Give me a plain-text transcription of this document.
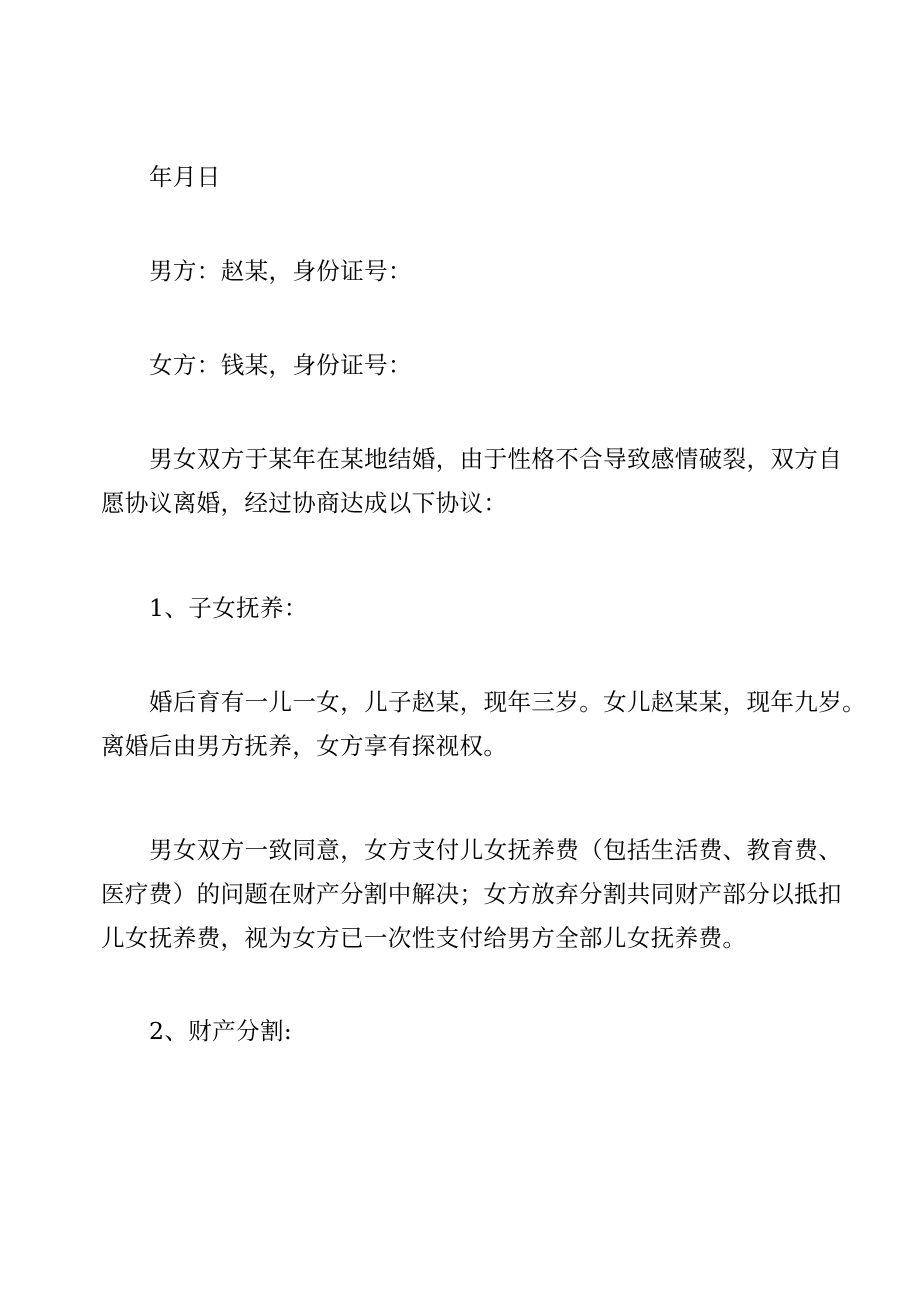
年月日

男方：赵某，身份证号：

女方：钱某，身份证号：

男女双方于某年在某地结婚，由于性格不合导致感情破裂，双方自
愿协议离婚，经过协商达成以下协议：

1、子女抚养：

婚后育有一儿一女，儿子赵某，现年三岁。女儿赵某某，现年九岁。
离婚后由男方抚养，女方享有探视权。

男女双方一致同意，女方支付儿女抚养费（包括生活费、教育费、
医疗费）的问题在财产分割中解决；女方放弃分割共同财产部分以抵扣
儿女抚养费，视为女方已一次性支付给男方全部儿女抚养费。

2、财产分割:
